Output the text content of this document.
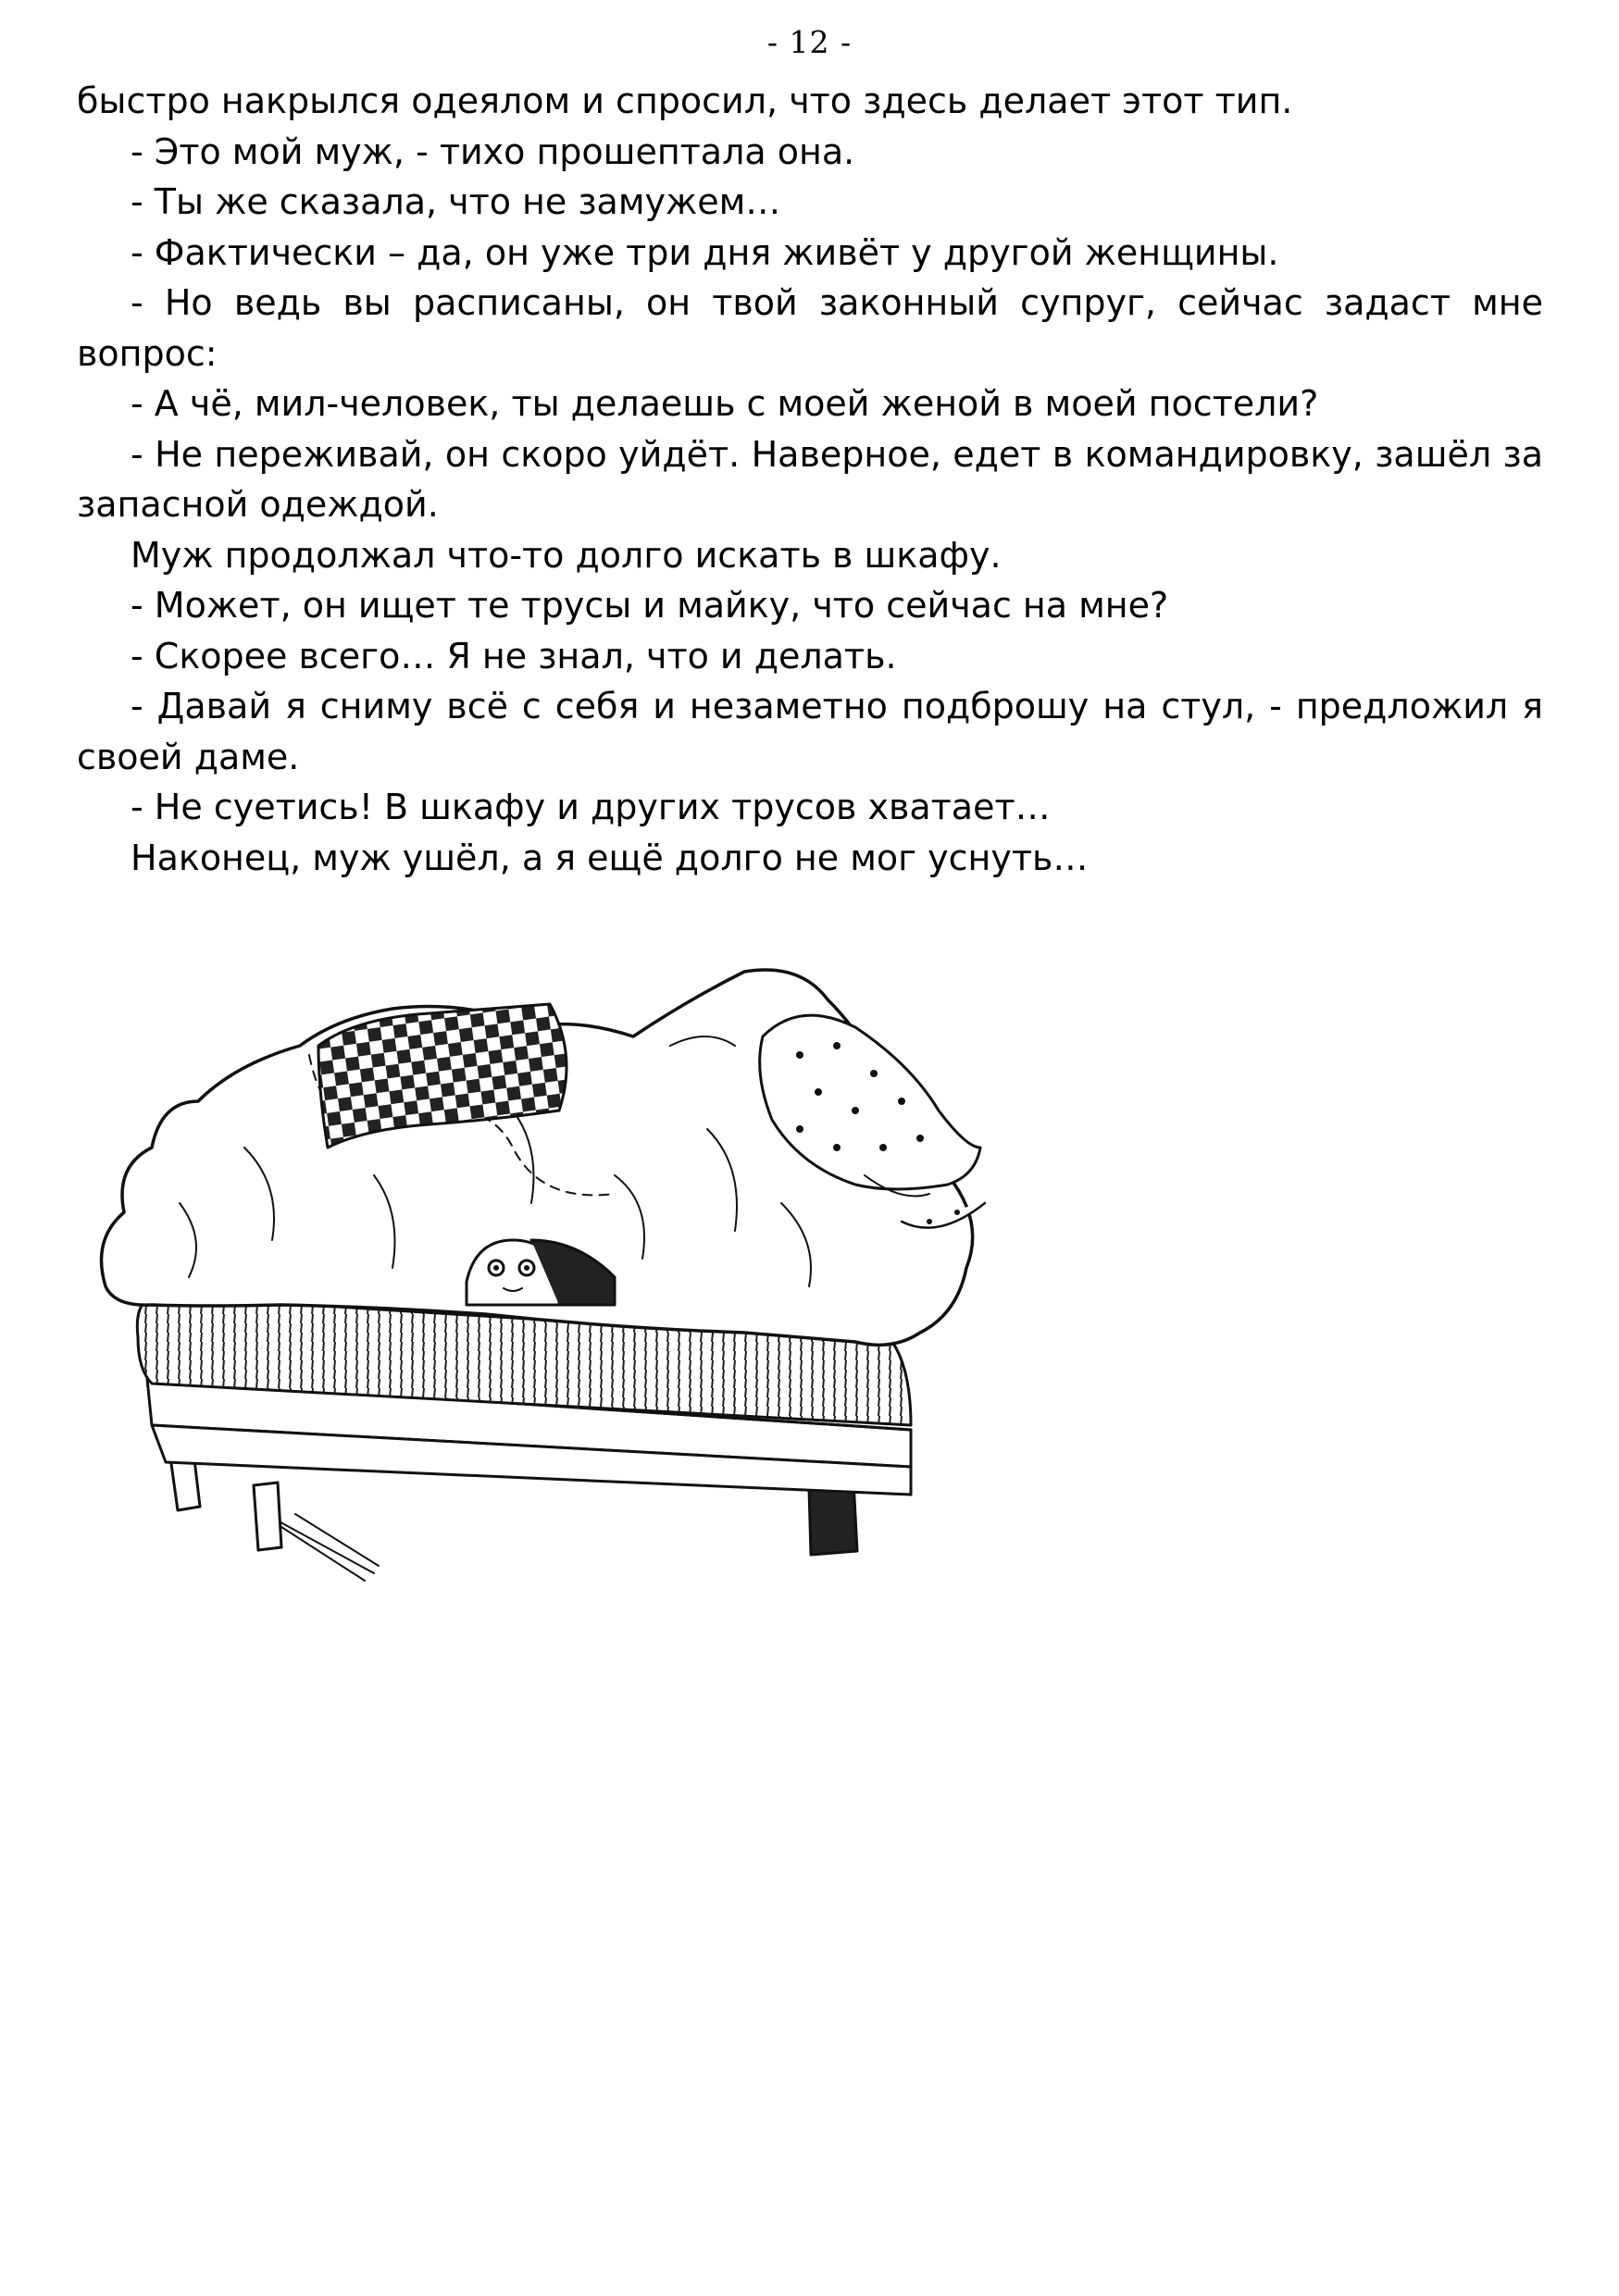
- 12 -

быстро накрылся одеялом и спросил, что здесь делает этот тип.

- Это мой муж, - тихо прошептала она.

- Ты же сказала, что не замужем…

- Фактически – да, он уже три дня живёт у другой женщины.

- Но ведь вы расписаны, он твой законный супруг, сейчас задаст мне вопрос:

- А чё, мил-человек, ты делаешь с моей женой в моей постели?

- Не переживай, он скоро уйдёт. Наверное, едет в командировку, зашёл за запасной одеждой.

Муж продолжал что-то долго искать в шкафу.

- Может, он ищет те трусы и майку, что сейчас на мне?

- Скорее всего… Я не знал, что и делать.

- Давай я сниму всё с себя и незаметно подброшу на стул, - предложил я своей даме.

- Не суетись! В шкафу и других трусов хватает…

Наконец, муж ушёл, а я ещё долго не мог уснуть…
